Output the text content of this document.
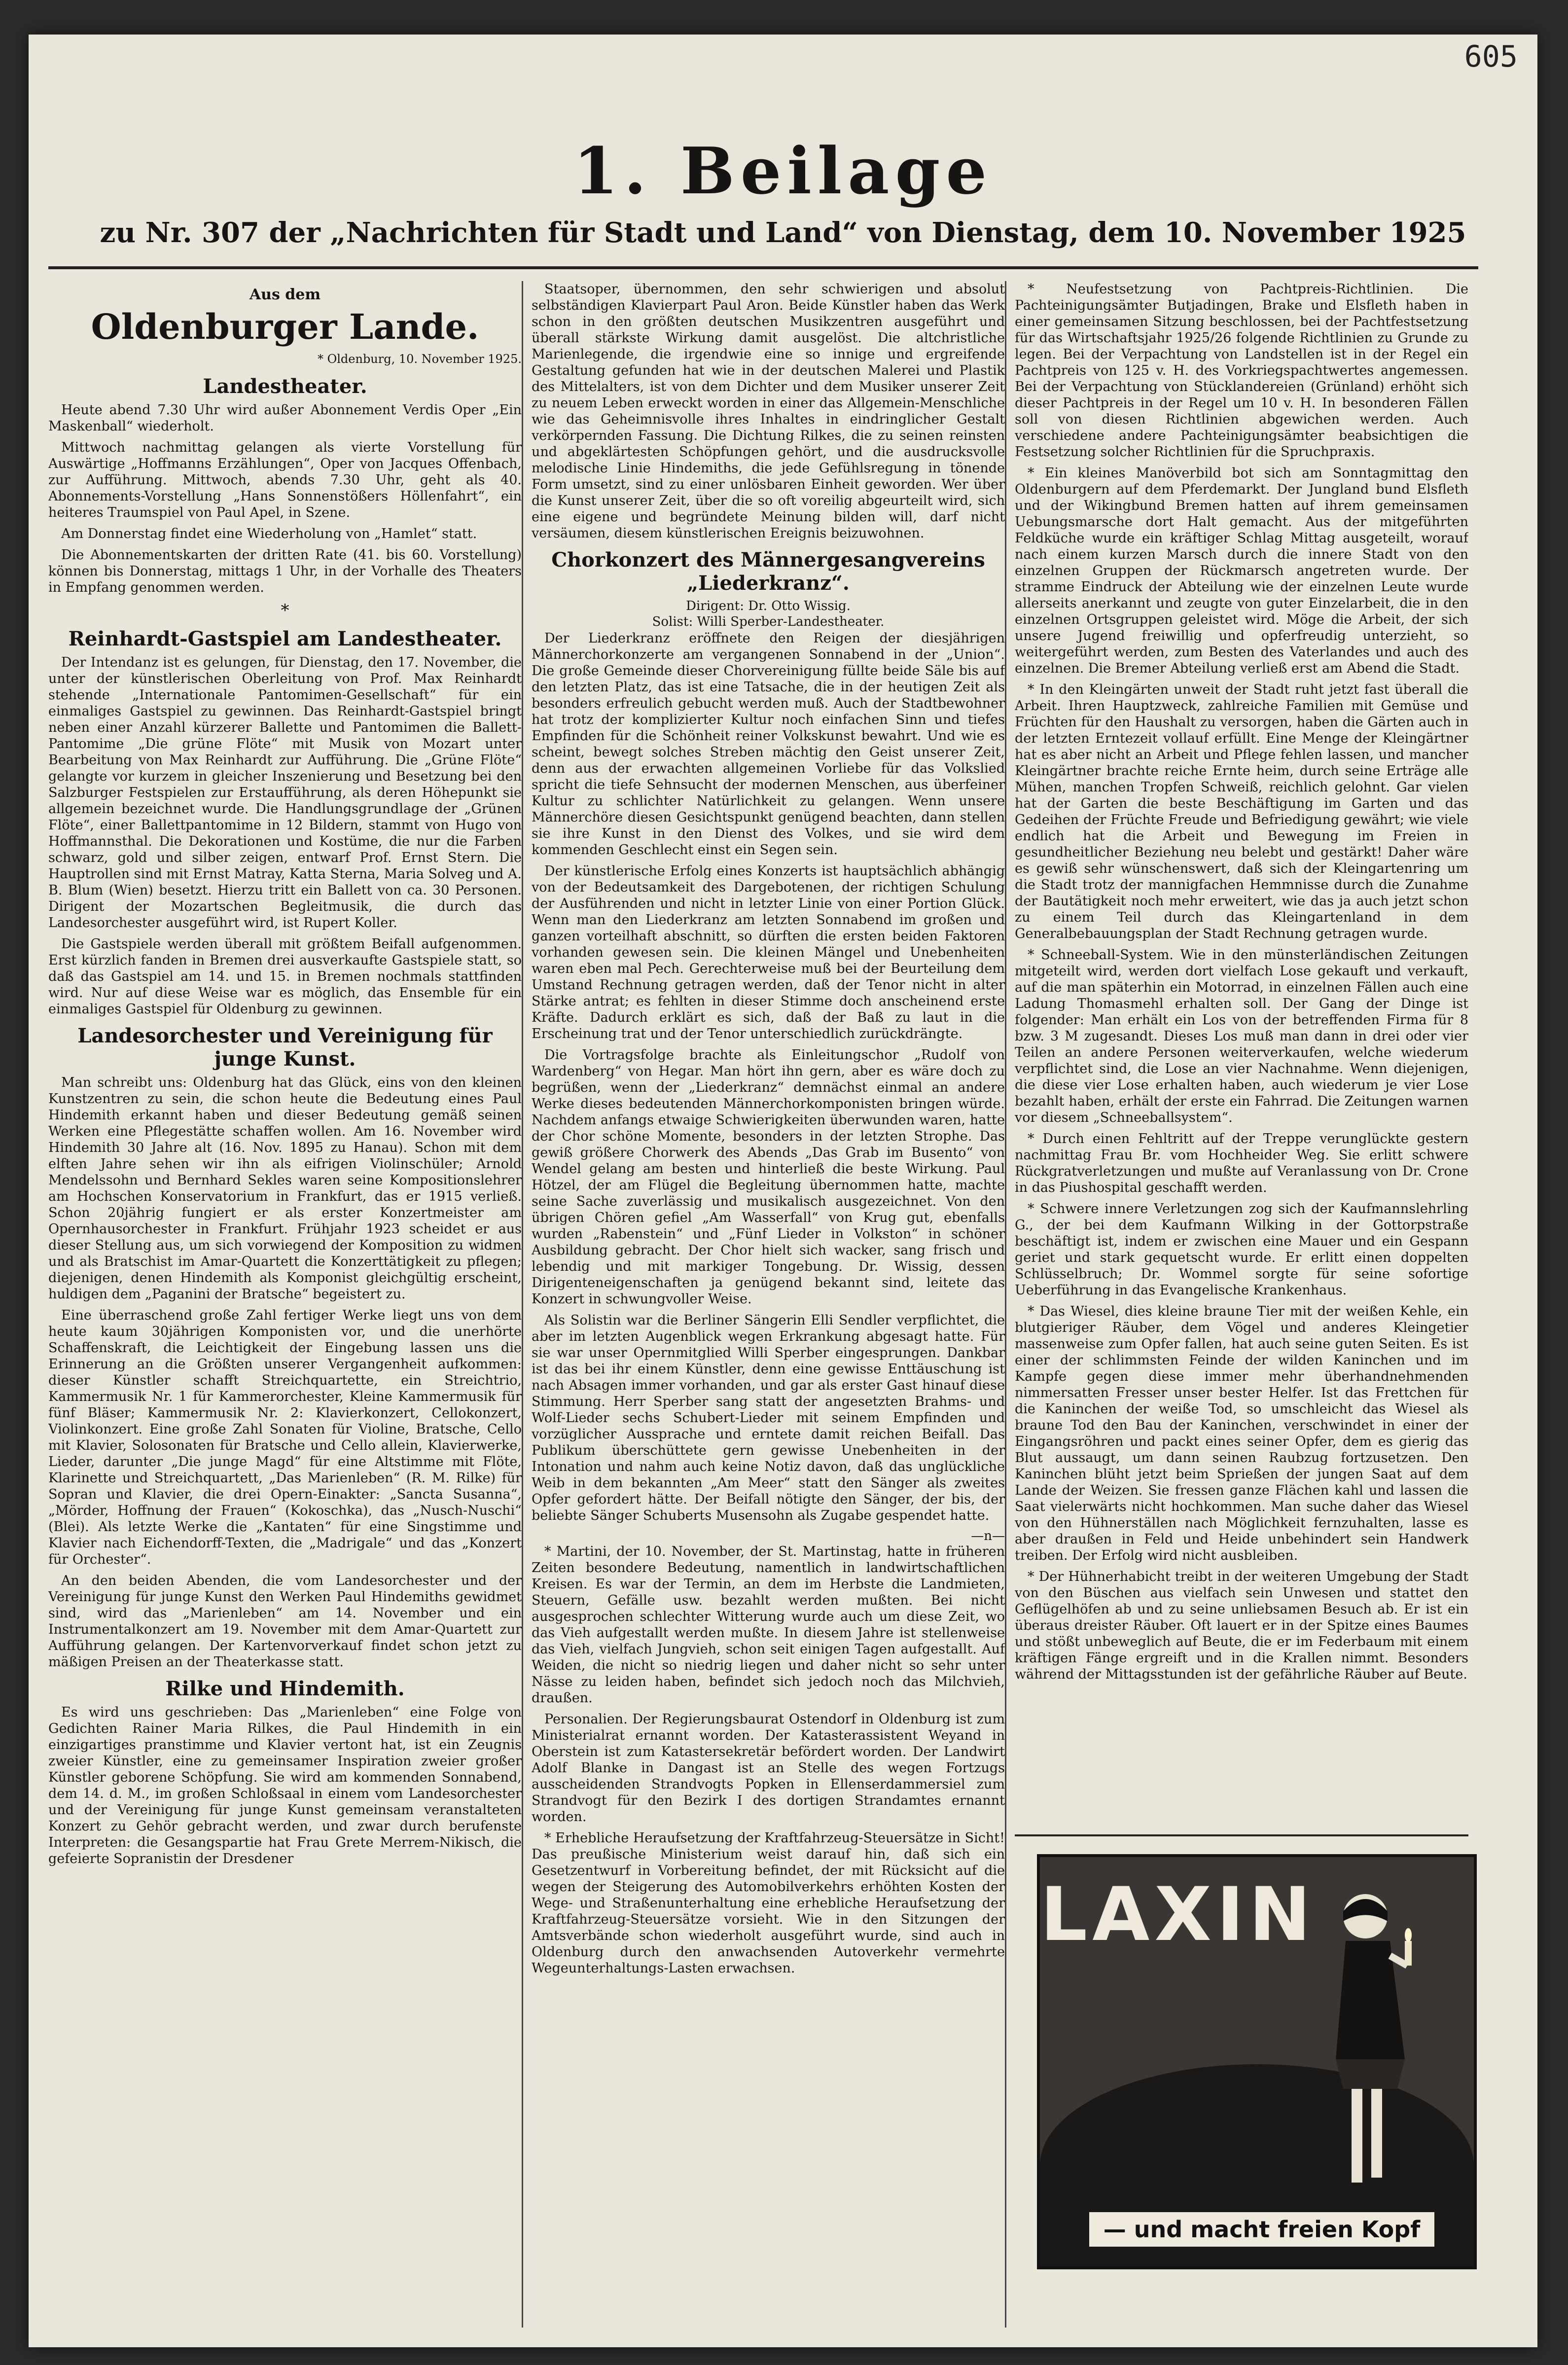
605
1. Beilage
zu Nr. 307 der „Nachrichten für Stadt und Land“ von Dienstag, dem 10. November 1925
Aus dem
Oldenburger Lande.
* Oldenburg, 10. November 1925.
Landestheater.

Heute abend 7.30 Uhr wird außer Abonnement Verdis Oper „Ein Maskenball“ wiederholt.

Mittwoch nachmittag gelangen als vierte Vorstellung für Auswärtige „Hoffmanns Erzählungen“, Oper von Jacques Offenbach, zur Aufführung. Mittwoch, abends 7.30 Uhr, geht als 40. Abonnements-Vorstellung „Hans Sonnenstößers Höllenfahrt“, ein heiteres Traumspiel von Paul Apel, in Szene.

Am Donnerstag findet eine Wiederholung von „Hamlet“ statt.

Die Abonnementskarten der dritten Rate (41. bis 60. Vorstellung) können bis Donnerstag, mittags 1 Uhr, in der Vorhalle des Theaters in Empfang genommen werden.

*
Reinhardt-Gastspiel am Landestheater.

Der Intendanz ist es gelungen, für Dienstag, den 17. November, die unter der künstlerischen Oberleitung von Prof. Max Reinhardt stehende „Internationale Pantomimen-Gesellschaft“ für ein einmaliges Gastspiel zu gewinnen. Das Reinhardt-Gastspiel bringt neben einer Anzahl kürzerer Ballette und Pantomimen die Ballett-Pantomime „Die grüne Flöte“ mit Musik von Mozart unter Bearbeitung von Max Reinhardt zur Aufführung. Die „Grüne Flöte“ gelangte vor kurzem in gleicher Inszenierung und Besetzung bei den Salzburger Festspielen zur Erstaufführung, als deren Höhepunkt sie allgemein bezeichnet wurde. Die Handlungsgrundlage der „Grünen Flöte“, einer Ballettpantomime in 12 Bildern, stammt von Hugo von Hoffmannsthal. Die Dekorationen und Kostüme, die nur die Farben schwarz, gold und silber zeigen, entwarf Prof. Ernst Stern. Die Hauptrollen sind mit Ernst Matray, Katta Sterna, Maria Solveg und A. B. Blum (Wien) besetzt. Hierzu tritt ein Ballett von ca. 30 Personen. Dirigent der Mozartschen Begleitmusik, die durch das Landesorchester ausgeführt wird, ist Rupert Koller.

Die Gastspiele werden überall mit größtem Beifall aufgenommen. Erst kürzlich fanden in Bremen drei ausverkaufte Gastspiele statt, so daß das Gastspiel am 14. und 15. in Bremen nochmals stattfinden wird. Nur auf diese Weise war es möglich, das Ensemble für ein einmaliges Gastspiel für Oldenburg zu gewinnen.

Landesorchester und Vereinigung für junge Kunst.

Man schreibt uns: Oldenburg hat das Glück, eins von den kleinen Kunstzentren zu sein, die schon heute die Bedeutung eines Paul Hindemith erkannt haben und dieser Bedeutung gemäß seinen Werken eine Pflegestätte schaffen wollen. Am 16. November wird Hindemith 30 Jahre alt (16. Nov. 1895 zu Hanau). Schon mit dem elften Jahre sehen wir ihn als eifrigen Violinschüler; Arnold Mendelssohn und Bernhard Sekles waren seine Kompositionslehrer am Hochschen Konservatorium in Frankfurt, das er 1915 verließ. Schon 20jährig fungiert er als erster Konzertmeister am Opernhausorchester in Frankfurt. Frühjahr 1923 scheidet er aus dieser Stellung aus, um sich vorwiegend der Komposition zu widmen und als Bratschist im Amar-Quartett die Konzerttätigkeit zu pflegen; diejenigen, denen Hindemith als Komponist gleichgültig erscheint, huldigen dem „Paganini der Bratsche“ begeistert zu.

Eine überraschend große Zahl fertiger Werke liegt uns von dem heute kaum 30jährigen Komponisten vor, und die unerhörte Schaffenskraft, die Leichtigkeit der Eingebung lassen uns die Erinnerung an die Größten unserer Vergangenheit aufkommen: dieser Künstler schafft Streichquartette, ein Streichtrio, Kammermusik Nr. 1 für Kammerorchester, Kleine Kammermusik für fünf Bläser; Kammermusik Nr. 2: Klavierkonzert, Cellokonzert, Violinkonzert. Eine große Zahl Sonaten für Violine, Bratsche, Cello mit Klavier, Solosonaten für Bratsche und Cello allein, Klavierwerke, Lieder, darunter „Die junge Magd“ für eine Altstimme mit Flöte, Klarinette und Streichquartett, „Das Marienleben“ (R. M. Rilke) für Sopran und Klavier, die drei Opern-Einakter: „Sancta Susanna“, „Mörder, Hoffnung der Frauen“ (Kokoschka), das „Nusch-Nuschi“ (Blei). Als letzte Werke die „Kantaten“ für eine Singstimme und Klavier nach Eichendorff-Texten, die „Madrigale“ und das „Konzert für Orchester“.

An den beiden Abenden, die vom Landesorchester und der Vereinigung für junge Kunst den Werken Paul Hindemiths gewidmet sind, wird das „Marienleben“ am 14. November und ein Instrumentalkonzert am 19. November mit dem Amar-Quartett zur Aufführung gelangen. Der Kartenvorverkauf findet schon jetzt zu mäßigen Preisen an der Theaterkasse statt.

Rilke und Hindemith.

Es wird uns geschrieben: Das „Marienleben“ eine Folge von Gedichten Rainer Maria Rilkes, die Paul Hindemith in ein einzigartiges pranstimme und Klavier vertont hat, ist ein Zeugnis zweier Künstler, eine zu gemeinsamer Inspiration zweier großer Künstler geborene Schöpfung. Sie wird am kommenden Sonnabend, dem 14. d. M., im großen Schloßsaal in einem vom Landesorchester und der Vereinigung für junge Kunst gemeinsam veranstalteten Konzert zu Gehör gebracht werden, und zwar durch berufenste Interpreten: die Gesangspartie hat Frau Grete Merrem-Nikisch, die gefeierte Sopranistin der Dresdener

Staatsoper, übernommen, den sehr schwierigen und absolut selbständigen Klavierpart Paul Aron. Beide Künstler haben das Werk schon in den größten deutschen Musikzentren ausgeführt und überall stärkste Wirkung damit ausgelöst. Die altchristliche Marienlegende, die irgendwie eine so innige und ergreifende Gestaltung gefunden hat wie in der deutschen Malerei und Plastik des Mittelalters, ist von dem Dichter und dem Musiker unserer Zeit zu neuem Leben erweckt worden in einer das Allgemein-Menschliche wie das Geheimnisvolle ihres Inhaltes in eindringlicher Gestalt verkörpernden Fassung. Die Dichtung Rilkes, die zu seinen reinsten und abgeklärtesten Schöpfungen gehört, und die ausdrucksvolle melodische Linie Hindemiths, die jede Gefühlsregung in tönende Form umsetzt, sind zu einer unlösbaren Einheit geworden. Wer über die Kunst unserer Zeit, über die so oft voreilig abgeurteilt wird, sich eine eigene und begründete Meinung bilden will, darf nicht versäumen, diesem künstlerischen Ereignis beizuwohnen.

Chorkonzert des Männergesangvereins „Liederkranz“.
Dirigent: Dr. Otto Wissig.
Solist: Willi Sperber-Landestheater.

Der Liederkranz eröffnete den Reigen der diesjährigen Männerchorkonzerte am vergangenen Sonnabend in der „Union“. Die große Gemeinde dieser Chorvereinigung füllte beide Säle bis auf den letzten Platz, das ist eine Tatsache, die in der heutigen Zeit als besonders erfreulich gebucht werden muß. Auch der Stadtbewohner hat trotz der komplizierter Kultur noch einfachen Sinn und tiefes Empfinden für die Schönheit reiner Volkskunst bewahrt. Und wie es scheint, bewegt solches Streben mächtig den Geist unserer Zeit, denn aus der erwachten allgemeinen Vorliebe für das Volkslied spricht die tiefe Sehnsucht der modernen Menschen, aus überfeiner Kultur zu schlichter Natürlichkeit zu gelangen. Wenn unsere Männerchöre diesen Gesichtspunkt genügend beachten, dann stellen sie ihre Kunst in den Dienst des Volkes, und sie wird dem kommenden Geschlecht einst ein Segen sein.

Der künstlerische Erfolg eines Konzerts ist hauptsächlich abhängig von der Bedeutsamkeit des Dargebotenen, der richtigen Schulung der Ausführenden und nicht in letzter Linie von einer Portion Glück. Wenn man den Liederkranz am letzten Sonnabend im großen und ganzen vorteilhaft abschnitt, so dürften die ersten beiden Faktoren vorhanden gewesen sein. Die kleinen Mängel und Unebenheiten waren eben mal Pech. Gerechterweise muß bei der Beurteilung dem Umstand Rechnung getragen werden, daß der Tenor nicht in alter Stärke antrat; es fehlten in dieser Stimme doch anscheinend erste Kräfte. Dadurch erklärt es sich, daß der Baß zu laut in die Erscheinung trat und der Tenor unterschiedlich zurückdrängte.

Die Vortragsfolge brachte als Einleitungschor „Rudolf von Wardenberg“ von Hegar. Man hört ihn gern, aber es wäre doch zu begrüßen, wenn der „Liederkranz“ demnächst einmal an andere Werke dieses bedeutenden Männerchorkomponisten bringen würde. Nachdem anfangs etwaige Schwierigkeiten überwunden waren, hatte der Chor schöne Momente, besonders in der letzten Strophe. Das gewiß größere Chorwerk des Abends „Das Grab im Busento“ von Wendel gelang am besten und hinterließ die beste Wirkung. Paul Hötzel, der am Flügel die Begleitung übernommen hatte, machte seine Sache zuverlässig und musikalisch ausgezeichnet. Von den übrigen Chören gefiel „Am Wasserfall“ von Krug gut, ebenfalls wurden „Rabenstein“ und „Fünf Lieder in Volkston“ in schöner Ausbildung gebracht. Der Chor hielt sich wacker, sang frisch und lebendig und mit markiger Tongebung. Dr. Wissig, dessen Dirigenteneigenschaften ja genügend bekannt sind, leitete das Konzert in schwungvoller Weise.

Als Solistin war die Berliner Sängerin Elli Sendler verpflichtet, die aber im letzten Augenblick wegen Erkrankung abgesagt hatte. Für sie war unser Opernmitglied Willi Sperber eingesprungen. Dankbar ist das bei ihr einem Künstler, denn eine gewisse Enttäuschung ist nach Absagen immer vorhanden, und gar als erster Gast hinauf diese Stimmung. Herr Sperber sang statt der angesetzten Brahms- und Wolf-Lieder sechs Schubert-Lieder mit seinem Empfinden und vorzüglicher Aussprache und erntete damit reichen Beifall. Das Publikum überschüttete gern gewisse Unebenheiten in der Intonation und nahm auch keine Notiz davon, daß das unglückliche Weib in dem bekannten „Am Meer“ statt den Sänger als zweites Opfer gefordert hätte. Der Beifall nötigte den Sänger, der bis, der beliebte Sänger Schuberts Musensohn als Zugabe gespendet hatte.

—n—

* Martini, der 10. November, der St. Martinstag, hatte in früheren Zeiten besondere Bedeutung, namentlich in landwirtschaftlichen Kreisen. Es war der Termin, an dem im Herbste die Landmieten, Steuern, Gefälle usw. bezahlt werden mußten. Bei nicht ausgesprochen schlechter Witterung wurde auch um diese Zeit, wo das Vieh aufgestallt werden mußte. In diesem Jahre ist stellenweise das Vieh, vielfach Jungvieh, schon seit einigen Tagen aufgestallt. Auf Weiden, die nicht so niedrig liegen und daher nicht so sehr unter Nässe zu leiden haben, befindet sich jedoch noch das Milchvieh, draußen.

Personalien. Der Regierungsbaurat Ostendorf in Oldenburg ist zum Ministerialrat ernannt worden. Der Katasterassistent Weyand in Oberstein ist zum Katastersekretär befördert worden. Der Landwirt Adolf Blanke in Dangast ist an Stelle des wegen Fortzugs ausscheidenden Strandvogts Popken in Ellenserdammersiel zum Strandvogt für den Bezirk I des dortigen Strandamtes ernannt worden.

* Erhebliche Heraufsetzung der Kraftfahrzeug-Steuersätze in Sicht! Das preußische Ministerium weist darauf hin, daß sich ein Gesetzentwurf in Vorbereitung befindet, der mit Rücksicht auf die wegen der Steigerung des Automobilverkehrs erhöhten Kosten der Wege- und Straßenunterhaltung eine erhebliche Heraufsetzung der Kraftfahrzeug-Steuersätze vorsieht. Wie in den Sitzungen der Amtsverbände schon wiederholt ausgeführt wurde, sind auch in Oldenburg durch den anwachsenden Autoverkehr vermehrte Wegeunterhaltungs-Lasten erwachsen.

* Neufestsetzung von Pachtpreis-Richtlinien. Die Pachteinigungsämter Butjadingen, Brake und Elsfleth haben in einer gemeinsamen Sitzung beschlossen, bei der Pachtfestsetzung für das Wirtschaftsjahr 1925/26 folgende Richtlinien zu Grunde zu legen. Bei der Verpachtung von Landstellen ist in der Regel ein Pachtpreis von 125 v. H. des Vorkriegspachtwertes angemessen. Bei der Verpachtung von Stücklandereien (Grünland) erhöht sich dieser Pachtpreis in der Regel um 10 v. H. In besonderen Fällen soll von diesen Richtlinien abgewichen werden. Auch verschiedene andere Pachteinigungsämter beabsichtigen die Festsetzung solcher Richtlinien für die Spruchpraxis.

* Ein kleines Manöverbild bot sich am Sonntagmittag den Oldenburgern auf dem Pferdemarkt. Der Jungland bund Elsfleth und der Wikingbund Bremen hatten auf ihrem gemeinsamen Uebungsmarsche dort Halt gemacht. Aus der mitgeführten Feldküche wurde ein kräftiger Schlag Mittag ausgeteilt, worauf nach einem kurzen Marsch durch die innere Stadt von den einzelnen Gruppen der Rückmarsch angetreten wurde. Der stramme Eindruck der Abteilung wie der einzelnen Leute wurde allerseits anerkannt und zeugte von guter Einzelarbeit, die in den einzelnen Ortsgruppen geleistet wird. Möge die Arbeit, der sich unsere Jugend freiwillig und opferfreudig unterzieht, so weitergeführt werden, zum Besten des Vaterlandes und auch des einzelnen. Die Bremer Abteilung verließ erst am Abend die Stadt.

* In den Kleingärten unweit der Stadt ruht jetzt fast überall die Arbeit. Ihren Hauptzweck, zahlreiche Familien mit Gemüse und Früchten für den Haushalt zu versorgen, haben die Gärten auch in der letzten Erntezeit vollauf erfüllt. Eine Menge der Kleingärtner hat es aber nicht an Arbeit und Pflege fehlen lassen, und mancher Kleingärtner brachte reiche Ernte heim, durch seine Erträge alle Mühen, manchen Tropfen Schweiß, reichlich gelohnt. Gar vielen hat der Garten die beste Beschäftigung im Garten und das Gedeihen der Früchte Freude und Befriedigung gewährt; wie viele endlich hat die Arbeit und Bewegung im Freien in gesundheitlicher Beziehung neu belebt und gestärkt! Daher wäre es gewiß sehr wünschenswert, daß sich der Kleingartenring um die Stadt trotz der mannigfachen Hemmnisse durch die Zunahme der Bautätigkeit noch mehr erweitert, wie das ja auch jetzt schon zu einem Teil durch das Kleingartenland in dem Generalbebauungsplan der Stadt Rechnung getragen wurde.

* Schneeball-System. Wie in den münsterländischen Zeitungen mitgeteilt wird, werden dort vielfach Lose gekauft und verkauft, auf die man späterhin ein Motorrad, in einzelnen Fällen auch eine Ladung Thomasmehl erhalten soll. Der Gang der Dinge ist folgender: Man erhält ein Los von der betreffenden Firma für 8 bzw. 3 M zugesandt. Dieses Los muß man dann in drei oder vier Teilen an andere Personen weiterverkaufen, welche wiederum verpflichtet sind, die Lose an vier Nachnahme. Wenn diejenigen, die diese vier Lose erhalten haben, auch wiederum je vier Lose bezahlt haben, erhält der erste ein Fahrrad. Die Zeitungen warnen vor diesem „Schneeballsystem“.

* Durch einen Fehltritt auf der Treppe verunglückte gestern nachmittag Frau Br. vom Hochheider Weg. Sie erlitt schwere Rückgratverletzungen und mußte auf Veranlassung von Dr. Crone in das Piushospital geschafft werden.

* Schwere innere Verletzungen zog sich der Kaufmannslehrling G., der bei dem Kaufmann Wilking in der Gottorpstraße beschäftigt ist, indem er zwischen eine Mauer und ein Gespann geriet und stark gequetscht wurde. Er erlitt einen doppelten Schlüsselbruch; Dr. Wommel sorgte für seine sofortige Ueberführung in das Evangelische Krankenhaus.

* Das Wiesel, dies kleine braune Tier mit der weißen Kehle, ein blutgieriger Räuber, dem Vögel und anderes Kleingetier massenweise zum Opfer fallen, hat auch seine guten Seiten. Es ist einer der schlimmsten Feinde der wilden Kaninchen und im Kampfe gegen diese immer mehr überhandnehmenden nimmersatten Fresser unser bester Helfer. Ist das Frettchen für die Kaninchen der weiße Tod, so umschleicht das Wiesel als braune Tod den Bau der Kaninchen, verschwindet in einer der Eingangsröhren und packt eines seiner Opfer, dem es gierig das Blut aussaugt, um dann seinen Raubzug fortzusetzen. Den Kaninchen blüht jetzt beim Sprießen der jungen Saat auf dem Lande der Weizen. Sie fressen ganze Flächen kahl und lassen die Saat vielerwärts nicht hochkommen. Man suche daher das Wiesel von den Hühnerställen nach Möglichkeit fernzuhalten, lasse es aber draußen in Feld und Heide unbehindert sein Handwerk treiben. Der Erfolg wird nicht ausbleiben.

* Der Hühnerhabicht treibt in der weiteren Umgebung der Stadt von den Büschen aus vielfach sein Unwesen und stattet den Geflügelhöfen ab und zu seine unliebsamen Besuch ab. Er ist ein überaus dreister Räuber. Oft lauert er in der Spitze eines Baumes und stößt unbeweglich auf Beute, die er im Federbaum mit einem kräftigen Fänge ergreift und in die Krallen nimmt. Besonders während der Mittagsstunden ist der gefährliche Räuber auf Beute.

LAXIN
— und macht freien Kopf
